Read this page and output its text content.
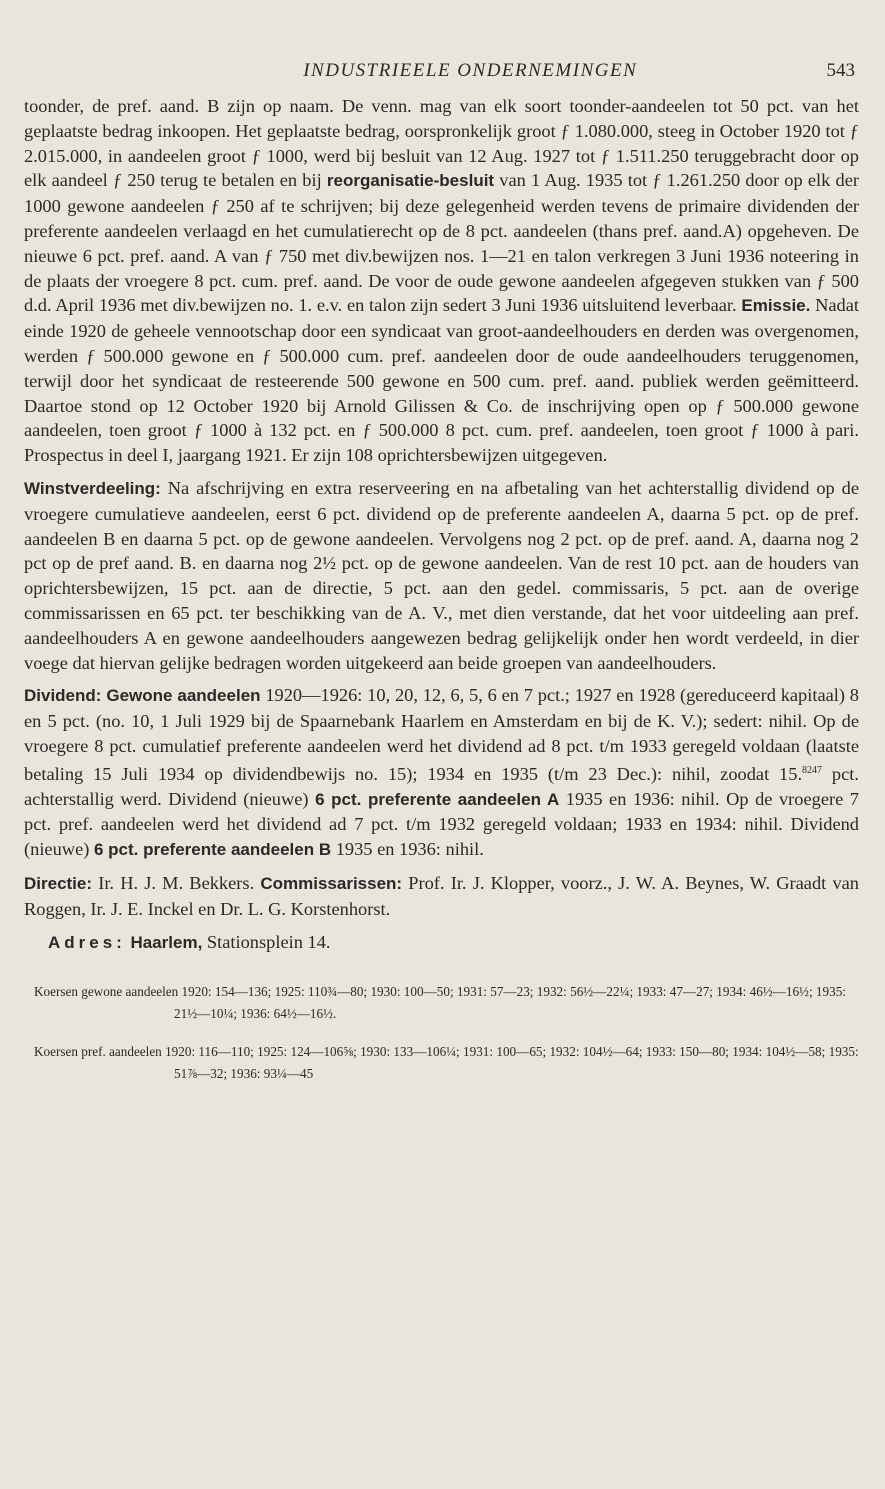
INDUSTRIEELE ONDERNEMINGEN	543

toonder, de pref. aand. B zijn op naam. De venn. mag van elk soort toonder-aandeelen tot 50 pct. van het geplaatste bedrag inkoopen. Het geplaatste bedrag, oorspronkelijk groot ƒ 1.080.000, steeg in October 1920 tot ƒ 2.015.000, in aandeelen groot ƒ 1000, werd bij besluit van 12 Aug. 1927 tot ƒ 1.511.250 teruggebracht door op elk aandeel ƒ 250 terug te betalen en bij reorganisatie-besluit van 1 Aug. 1935 tot ƒ 1.261.250 door op elk der 1000 gewone aandeelen ƒ 250 af te schrijven; bij deze gelegenheid werden tevens de primaire dividenden der preferente aandeelen verlaagd en het cumulatierecht op de 8 pct. aandeelen (thans pref. aand.A) opgeheven. De nieuwe 6 pct. pref. aand. A van ƒ 750 met div.bewijzen nos. 1—21 en talon verkregen 3 Juni 1936 noteering in de plaats der vroegere 8 pct. cum. pref. aand. De voor de oude gewone aandeelen afgegeven stukken van ƒ 500 d.d. April 1936 met div.bewijzen no. 1. e.v. en talon zijn sedert 3 Juni 1936 uitsluitend leverbaar. Emissie. Nadat einde 1920 de geheele vennootschap door een syndicaat van groot-aandeelhouders en derden was overgenomen, werden ƒ 500.000 gewone en ƒ 500.000 cum. pref. aandeelen door de oude aandeelhouders teruggenomen, terwijl door het syndicaat de resteerende 500 gewone en 500 cum. pref. aand. publiek werden geëmitteerd. Daartoe stond op 12 October 1920 bij Arnold Gilissen & Co. de inschrijving open op ƒ 500.000 gewone aandeelen, toen groot ƒ 1000 à 132 pct. en ƒ 500.000 8 pct. cum. pref. aandeelen, toen groot ƒ 1000 à pari. Prospectus in deel I, jaargang 1921. Er zijn 108 oprichtersbewijzen uitgegeven.

Winstverdeeling: Na afschrijving en extra reserveering en na afbetaling van het achterstallig dividend op de vroegere cumulatieve aandeelen, eerst 6 pct. dividend op de preferente aandeelen A, daarna 5 pct. op de pref. aandeelen B en daarna 5 pct. op de gewone aandeelen. Vervolgens nog 2 pct. op de pref. aand. A, daarna nog 2 pct op de pref aand. B. en daarna nog 2½ pct. op de gewone aandeelen. Van de rest 10 pct. aan de houders van oprichtersbewijzen, 15 pct. aan de directie, 5 pct. aan den gedel. commissaris, 5 pct. aan de overige commissarissen en 65 pct. ter beschikking van de A. V., met dien verstande, dat het voor uitdeeling aan pref. aandeelhouders A en gewone aandeelhouders aangewezen bedrag gelijkelijk onder hen wordt verdeeld, in dier voege dat hiervan gelijke bedragen worden uitgekeerd aan beide groepen van aandeelhouders.

Dividend: Gewone aandeelen 1920—1926: 10, 20, 12, 6, 5, 6 en 7 pct.; 1927 en 1928 (gereduceerd kapitaal) 8 en 5 pct. (no. 10, 1 Juli 1929 bij de Spaarnebank Haarlem en Amsterdam en bij de K. V.); sedert: nihil. Op de vroegere 8 pct. cumulatief preferente aandeelen werd het dividend ad 8 pct. t/m 1933 geregeld voldaan (laatste betaling 15 Juli 1934 op dividendbewijs no. 15); 1934 en 1935 (t/m 23 Dec.): nihil, zoodat 15.$^{8247}$ pct. achterstallig werd. Dividend (nieuwe) 6 pct. preferente aandeelen A 1935 en 1936: nihil. Op de vroegere 7 pct. pref. aandeelen werd het dividend ad 7 pct. t/m 1932 geregeld voldaan; 1933 en 1934: nihil. Dividend (nieuwe) 6 pct. preferente aandeelen B 1935 en 1936: nihil.

Directie: Ir. H. J. M. Bekkers. Commissarissen: Prof. Ir. J. Klopper, voorz., J. W. A. Beynes, W. Graadt van Roggen, Ir. J. E. Inckel en Dr. L. G. Korstenhorst.

Adres: Haarlem, Stationsplein 14.

Koersen gewone aandeelen 1920: 154—136; 1925: 110¾—80; 1930: 100—50; 1931: 57—23; 1932: 56½—22¼; 1933: 47—27; 1934: 46½—16½; 1935: 21½—10¼; 1936: 64½—16½.

Koersen pref. aandeelen 1920: 116—110; 1925: 124—106⅝; 1930: 133—106¼; 1931: 100—65; 1932: 104½—64; 1933: 150—80; 1934: 104½—58; 1935: 51⅞—32; 1936: 93¼—45
